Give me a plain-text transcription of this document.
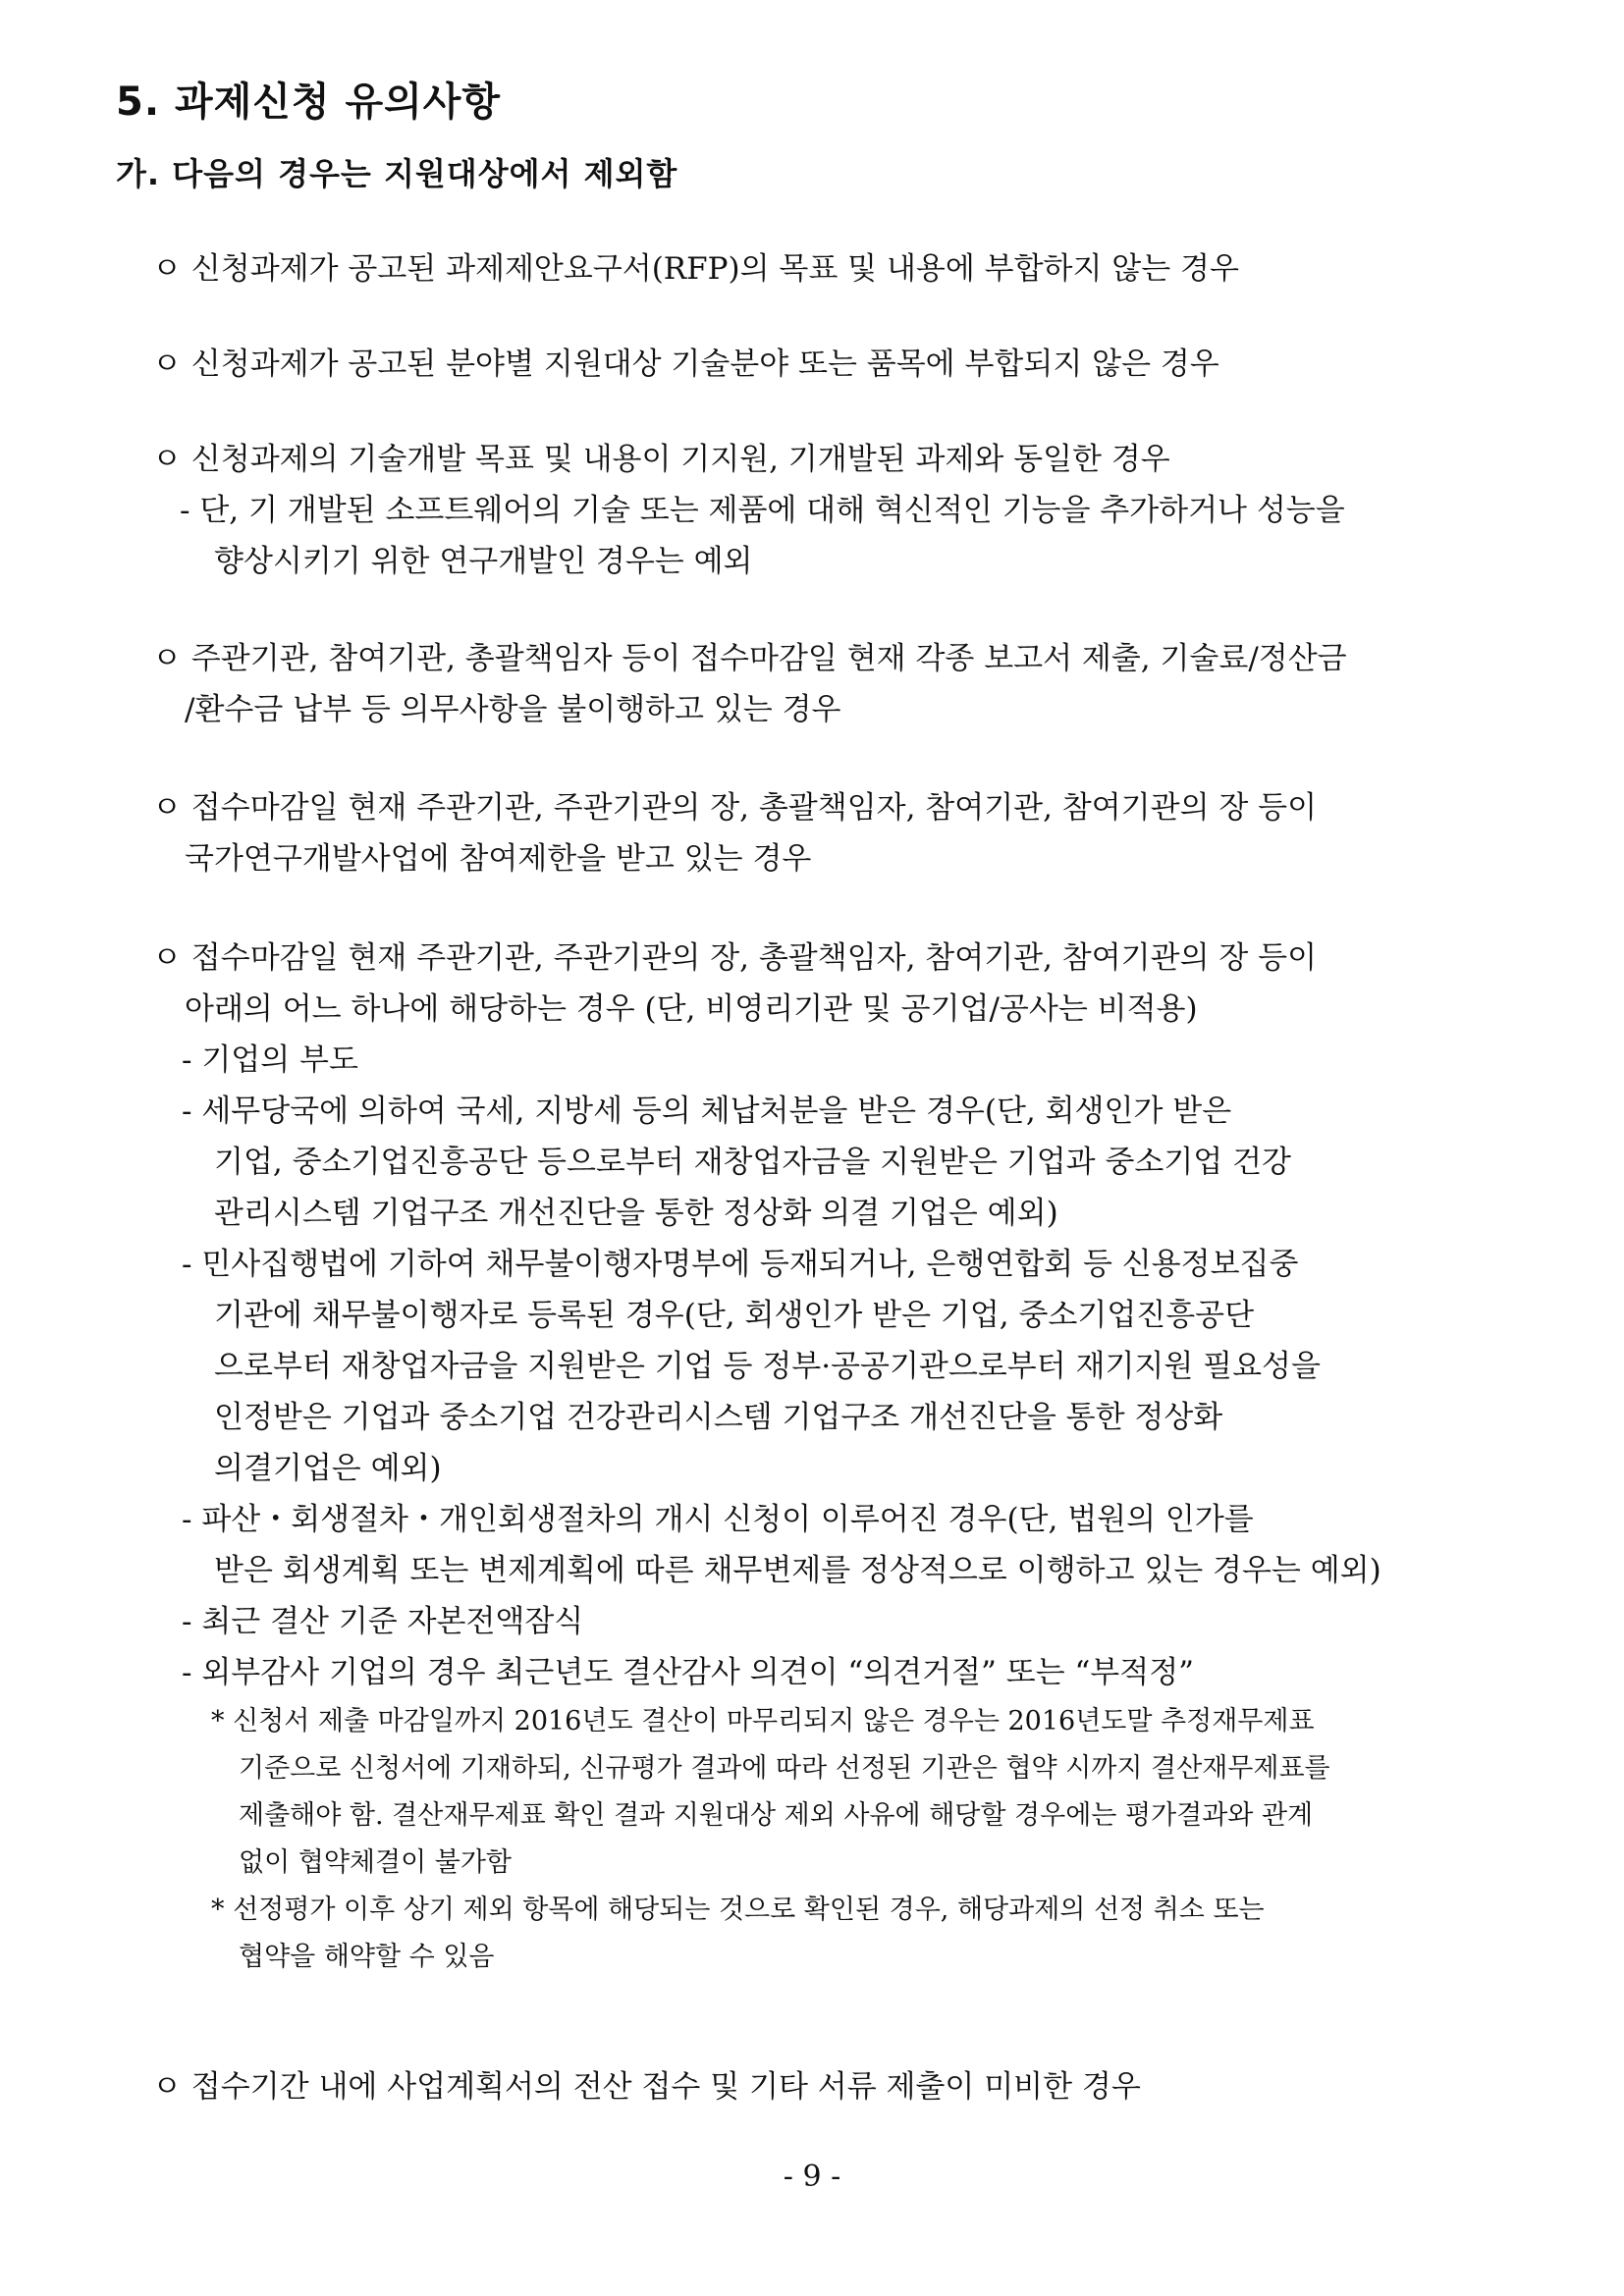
5. 과제신청 유의사항
가. 다음의 경우는 지원대상에서 제외함
ㅇ 신청과제가 공고된 과제제안요구서(RFP)의 목표 및 내용에 부합하지 않는 경우
ㅇ 신청과제가 공고된 분야별 지원대상 기술분야 또는 품목에 부합되지 않은 경우
ㅇ 신청과제의 기술개발 목표 및 내용이 기지원, 기개발된 과제와 동일한 경우
- 단, 기 개발된 소프트웨어의 기술 또는 제품에 대해 혁신적인 기능을 추가하거나 성능을
향상시키기 위한 연구개발인 경우는 예외
ㅇ 주관기관, 참여기관, 총괄책임자 등이 접수마감일 현재 각종 보고서 제출, 기술료/정산금
/환수금 납부 등 의무사항을 불이행하고 있는 경우
ㅇ 접수마감일 현재 주관기관, 주관기관의 장, 총괄책임자, 참여기관, 참여기관의 장 등이
국가연구개발사업에 참여제한을 받고 있는 경우
ㅇ 접수마감일 현재 주관기관, 주관기관의 장, 총괄책임자, 참여기관, 참여기관의 장 등이
아래의 어느 하나에 해당하는 경우 (단, 비영리기관 및 공기업/공사는 비적용)
- 기업의 부도
- 세무당국에 의하여 국세, 지방세 등의 체납처분을 받은 경우(단, 회생인가 받은
기업, 중소기업진흥공단 등으로부터 재창업자금을 지원받은 기업과 중소기업 건강
관리시스템 기업구조 개선진단을 통한 정상화 의결 기업은 예외)
- 민사집행법에 기하여 채무불이행자명부에 등재되거나, 은행연합회 등 신용정보집중
기관에 채무불이행자로 등록된 경우(단, 회생인가 받은 기업, 중소기업진흥공단
으로부터 재창업자금을 지원받은 기업 등 정부·공공기관으로부터 재기지원 필요성을
인정받은 기업과 중소기업 건강관리시스템 기업구조 개선진단을 통한 정상화
의결기업은 예외)
- 파산・회생절차・개인회생절차의 개시 신청이 이루어진 경우(단, 법원의 인가를
받은 회생계획 또는 변제계획에 따른 채무변제를 정상적으로 이행하고 있는 경우는 예외)
- 최근 결산 기준 자본전액잠식
- 외부감사 기업의 경우 최근년도 결산감사 의견이 “의견거절” 또는 “부적정”
* 신청서 제출 마감일까지 2016년도 결산이 마무리되지 않은 경우는 2016년도말 추정재무제표
기준으로 신청서에 기재하되, 신규평가 결과에 따라 선정된 기관은 협약 시까지 결산재무제표를
제출해야 함. 결산재무제표 확인 결과 지원대상 제외 사유에 해당할 경우에는 평가결과와 관계
없이 협약체결이 불가함
* 선정평가 이후 상기 제외 항목에 해당되는 것으로 확인된 경우, 해당과제의 선정 취소 또는
협약을 해약할 수 있음
ㅇ 접수기간 내에 사업계획서의 전산 접수 및 기타 서류 제출이 미비한 경우
- 9 -
